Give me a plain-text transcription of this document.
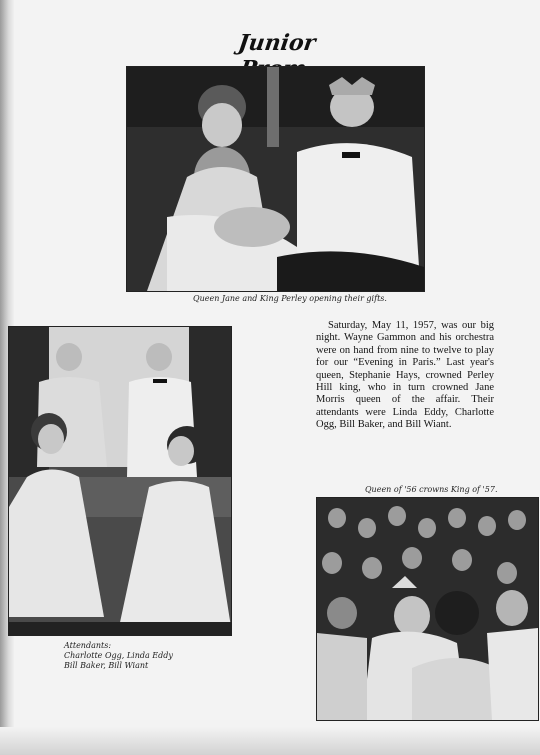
Junior
Queen Jane and King Perley opening their gifts.
Attendants:
Charlotte Ogg, Linda Eddy
Bill Baker, Bill Wiant
Saturday, May 11, 1957, was our big night. Wayne Gammon and his orchestra were on hand from nine to twelve to play for our “Evening in Paris.” Last year's queen, Stephanie Hays, crowned Perley Hill king, who in turn crowned Jane Morris queen of the affair. Their attendants were Linda Eddy, Charlotte Ogg, Bill Baker, and Bill Wiant.
Queen of '56 crowns King of '57.
